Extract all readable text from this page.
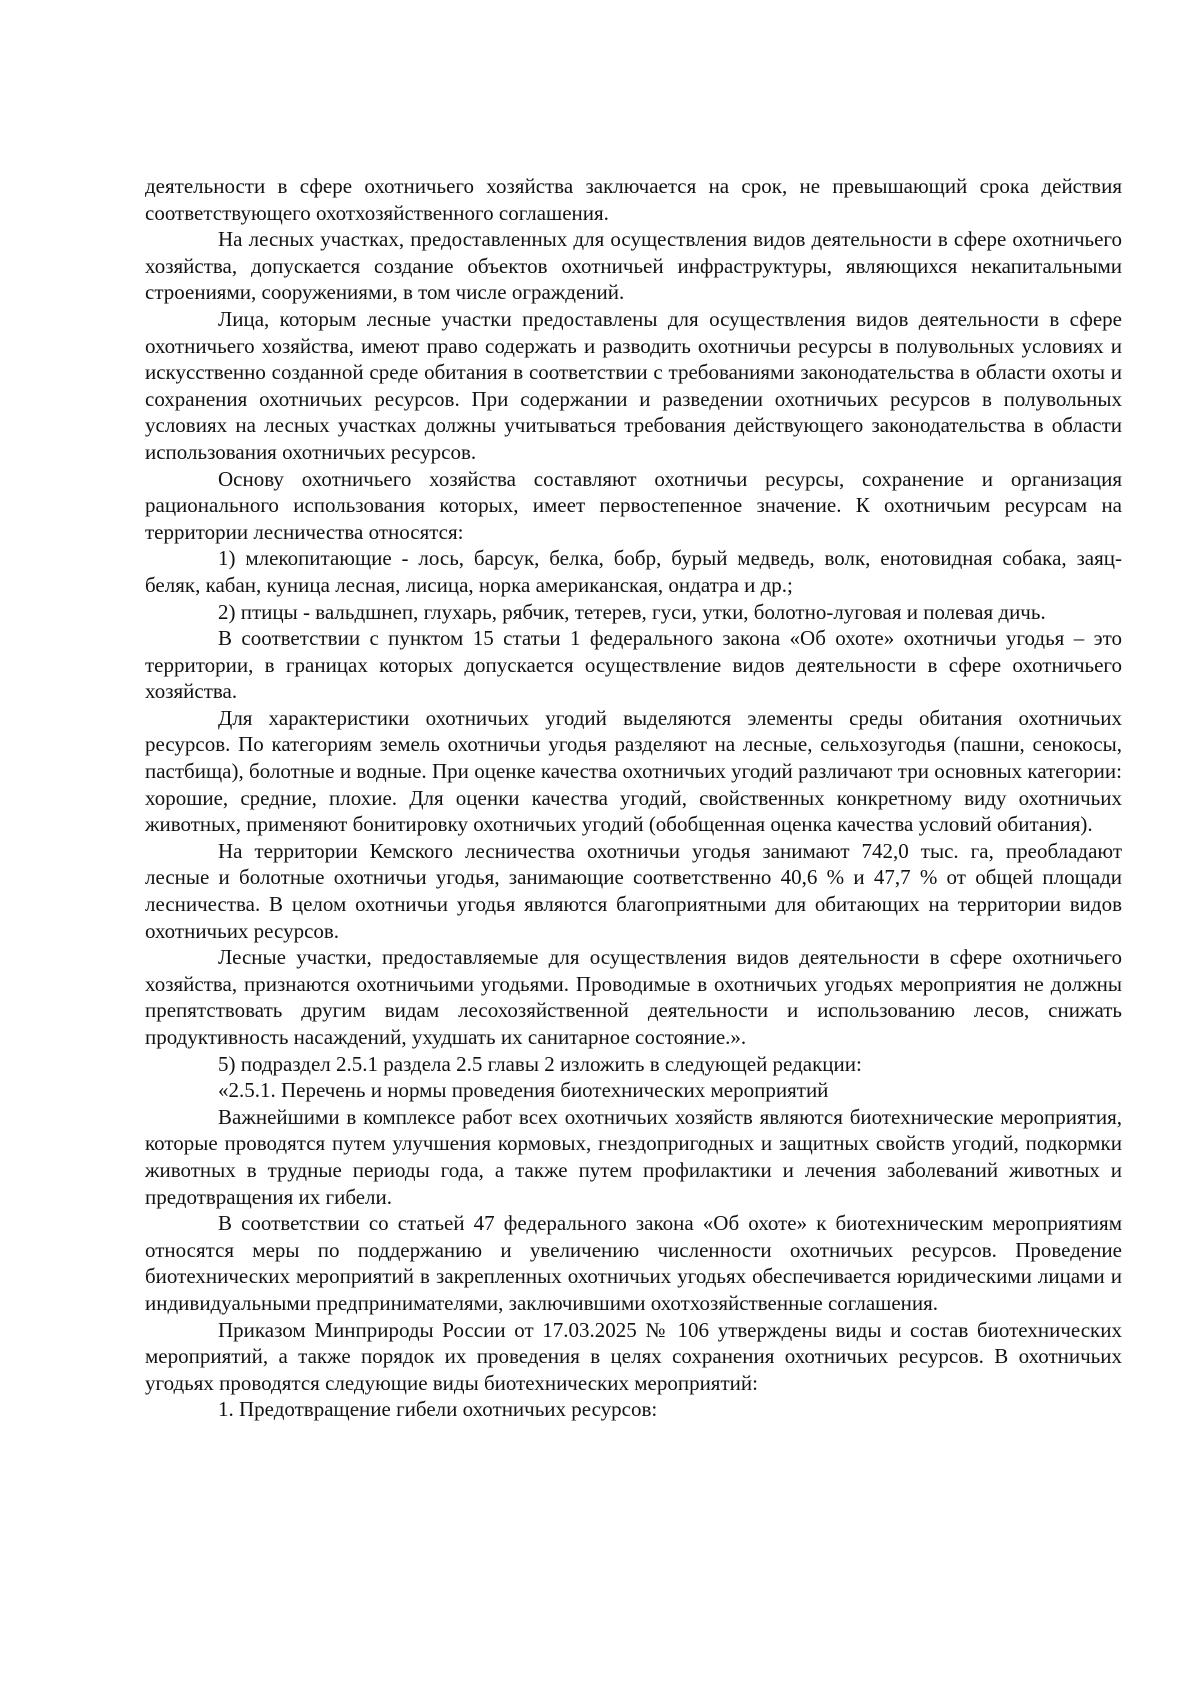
деятельности в сфере охотничьего хозяйства заключается на срок, не превышающий срока действия соответствующего охотхозяйственного соглашения.

На лесных участках, предоставленных для осуществления видов деятельности в сфере охотничьего хозяйства, допускается создание объектов охотничьей инфраструктуры, являющихся некапитальными строениями, сооружениями, в том числе ограждений.

Лица, которым лесные участки предоставлены для осуществления видов деятельности в сфере охотничьего хозяйства, имеют право содержать и разводить охотничьи ресурсы в полувольных условиях и искусственно созданной среде обитания в соответствии с требованиями законодательства в области охоты и сохранения охотничьих ресурсов. При содержании и разведении охотничьих ресурсов в полувольных условиях на лесных участках должны учитываться требования действующего законодательства в области использования охотничьих ресурсов.

Основу охотничьего хозяйства составляют охотничьи ресурсы, сохранение и организация рационального использования которых, имеет первостепенное значение. К охотничьим ресурсам на территории лесничества относятся:

1) млекопитающие - лось, барсук, белка, бобр, бурый медведь, волк, енотовидная собака, заяц-беляк, кабан, куница лесная, лисица, норка американская, ондатра и др.;

2) птицы - вальдшнеп, глухарь, рябчик, тетерев, гуси, утки, болотно-луговая и полевая дичь.

В соответствии с пунктом 15 статьи 1 федерального закона «Об охоте» охотничьи угодья – это территории, в границах которых допускается осуществление видов деятельности в сфере охотничьего хозяйства.

Для характеристики охотничьих угодий выделяются элементы среды обитания охотничьих ресурсов. По категориям земель охотничьи угодья разделяют на лесные, сельхозугодья (пашни, сенокосы, пастбища), болотные и водные. При оценке качества охотничьих угодий различают три основных категории: хорошие, средние, плохие. Для оценки качества угодий, свойственных конкретному виду охотничьих животных, применяют бонитировку охотничьих угодий (обобщенная оценка качества условий обитания).

На территории Кемского лесничества охотничьи угодья занимают 742,0 тыс. га, преобладают лесные и болотные охотничьи угодья, занимающие соответственно 40,6 % и 47,7 % от общей площади лесничества. В целом охотничьи угодья являются благоприятными для обитающих на территории видов охотничьих ресурсов.

Лесные участки, предоставляемые для осуществления видов деятельности в сфере охотничьего хозяйства, признаются охотничьими угодьями. Проводимые в охотничьих угодьях мероприятия не должны препятствовать другим видам лесохозяйственной деятельности и использованию лесов, снижать продуктивность насаждений, ухудшать их санитарное состояние.».

5) подраздел 2.5.1 раздела 2.5 главы 2 изложить в следующей редакции:

«2.5.1. Перечень и нормы проведения биотехнических мероприятий

Важнейшими в комплексе работ всех охотничьих хозяйств являются биотехнические мероприятия, которые проводятся путем улучшения кормовых, гнездопригодных и защитных свойств угодий, подкормки животных в трудные периоды года, а также путем профилактики и лечения заболеваний животных и предотвращения их гибели.

В соответствии со статьей 47 федерального закона «Об охоте» к биотехническим мероприятиям относятся меры по поддержанию и увеличению численности охотничьих ресурсов. Проведение биотехнических мероприятий в закрепленных охотничьих угодьях обеспечивается юридическими лицами и индивидуальными предпринимателями, заключившими охотхозяйственные соглашения.

Приказом Минприроды России от 17.03.2025 № 106 утверждены виды и состав биотехнических мероприятий, а также порядок их проведения в целях сохранения охотничьих ресурсов. В охотничьих угодьях проводятся следующие виды биотехнических мероприятий:

1. Предотвращение гибели охотничьих ресурсов:
